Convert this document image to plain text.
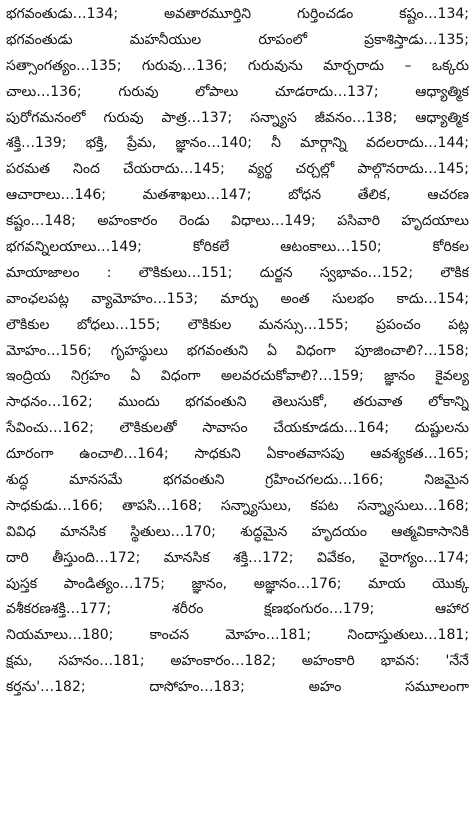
భగవంతుడు…134; అవతారమూర్తిని గుర్తించడం కష్టం…134;
భగవంతుడు మహనీయుల రూపంలో ప్రకాశిస్తాడు…135;
సత్సాంగత్యం…135; గురువు…136; గురువును మార్చరాదు – ఒక్కరు
చాలు…136; గురువు లోపాలు చూడరాదు…137; ఆధ్యాత్మిక
పురోగమనంలో గురువు పాత్ర…137; సన్న్యాస జీవనం…138; ఆధ్యాత్మిక
శక్తి…139; భక్తి, ప్రేమ, జ్ఞానం…140; నీ మార్గాన్ని వదలరాదు…144;
పరమత నింద చేయరాదు…145; వ్యర్థ చర్చల్లో పాల్గొనరాదు…145;
ఆచారాలు…146; మతశాఖలు…147; బోధన తేలిక, ఆచరణ
కష్టం…148; అహంకారం రెండు విధాలు…149; పసివారి హృదయాలు
భగవన్నిలయాలు…149; కోరికలే ఆటంకాలు…150; కోరికల
మాయాజాలం : లౌకికులు…151; దుర్జన స్వభావం…152; లౌకిక
వాంఛలపట్ల వ్యామోహం…153; మార్పు అంత సులభం కాదు…154;
లౌకికుల బోధలు…155; లౌకికుల మనస్సు…155; ప్రపంచం పట్ల
మోహం…156; గృహస్థులు భగవంతుని ఏ విధంగా పూజించాలి?…158;
ఇంద్రియ నిగ్రహం ఏ విధంగా అలవరచుకోవాలి?…159; జ్ఞానం కైవల్య
సాధనం…162; ముందు భగవంతుని తెలుసుకో, తరువాత లోకాన్ని
సేవించు…162; లౌకికులతో సావాసం చేయకూడదు…164; దుష్టులను
దూరంగా ఉంచాలి…164; సాధకుని ఏకాంతవాసపు ఆవశ్యకత…165;
శుద్ధ మానసమే భగవంతుని గ్రహించగలదు…166; నిజమైన
సాధకుడు…166; తాపసి…168; సన్న్యాసులు, కపట సన్న్యాసులు…168;
వివిధ మానసిక స్థితులు…170; శుద్ధమైన హృదయం ఆత్మవికాసానికి
దారి తీస్తుంది…172; మానసిక శక్తి…172; వివేకం, వైరాగ్యం…174;
పుస్తక పాండిత్యం…175; జ్ఞానం, అజ్ఞానం…176; మాయ యొక్క
వశీకరణశక్తి…177; శరీరం క్షణభంగురం…179; ఆహార
నియమాలు…180; కాంచన మోహం…181; నిందాస్తుతులు…181;
క్షమ, సహనం…181; అహంకారం…182; అహంకారి భావన: 'నేనే
కర్తను'…182; దాసోహం…183; అహం సమూలంగా
